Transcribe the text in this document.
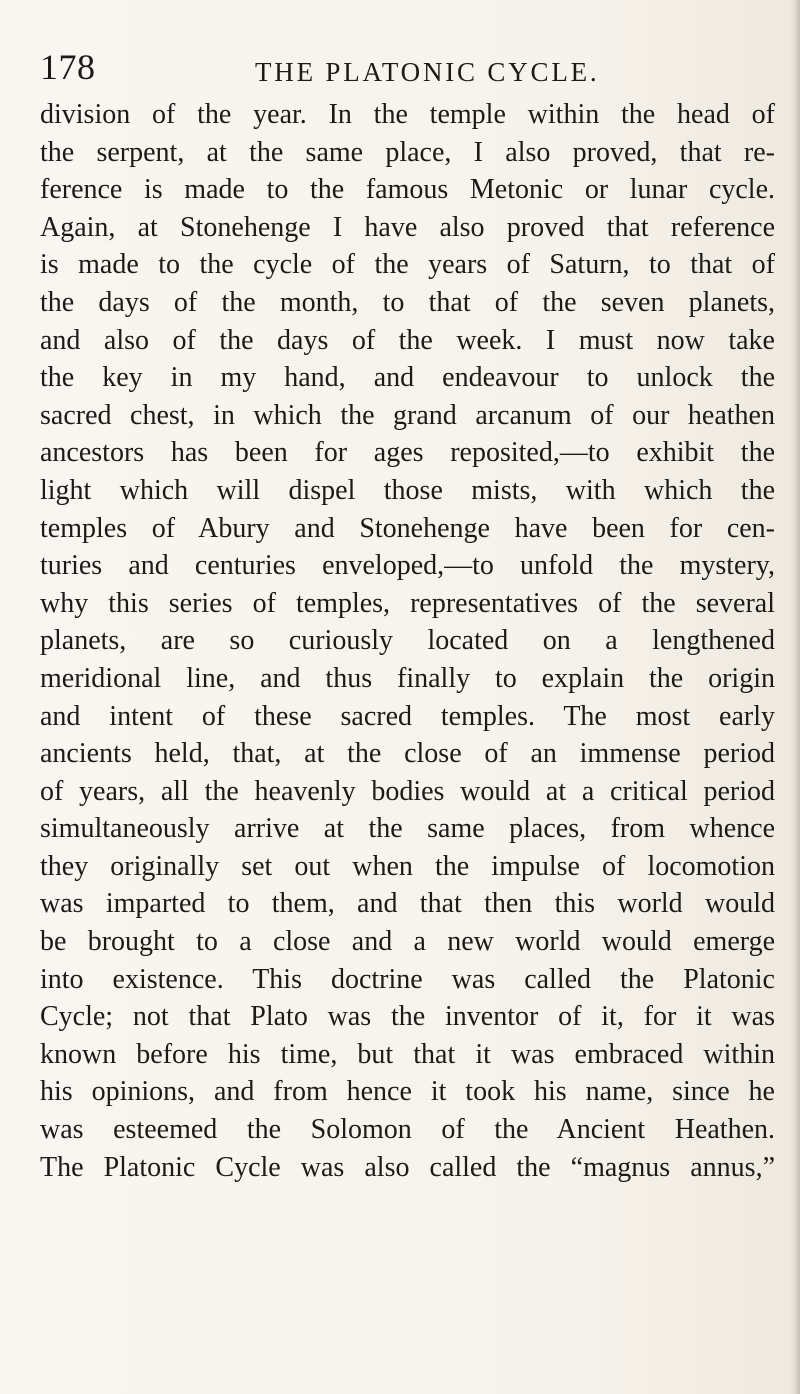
178	THE PLATONIC CYCLE.

division of the year. In the temple within the head of
the serpent, at the same place, I also proved, that re-
ference is made to the famous Metonic or lunar cycle.
Again, at Stonehenge I have also proved that reference
is made to the cycle of the years of Saturn, to that of
the days of the month, to that of the seven planets,
and also of the days of the week. I must now take
the key in my hand, and endeavour to unlock the
sacred chest, in which the grand arcanum of our heathen
ancestors has been for ages reposited,—to exhibit the
light which will dispel those mists, with which the
temples of Abury and Stonehenge have been for cen-
turies and centuries enveloped,—to unfold the mystery,
why this series of temples, representatives of the several
planets, are so curiously located on a lengthened
meridional line, and thus finally to explain the origin
and intent of these sacred temples. The most early
ancients held, that, at the close of an immense period
of years, all the heavenly bodies would at a critical period
simultaneously arrive at the same places, from whence
they originally set out when the impulse of locomotion
was imparted to them, and that then this world would
be brought to a close and a new world would emerge
into existence. This doctrine was called the Platonic
Cycle; not that Plato was the inventor of it, for it was
known before his time, but that it was embraced within
his opinions, and from hence it took his name, since he
was esteemed the Solomon of the Ancient Heathen.
The Platonic Cycle was also called the “magnus annus,”
